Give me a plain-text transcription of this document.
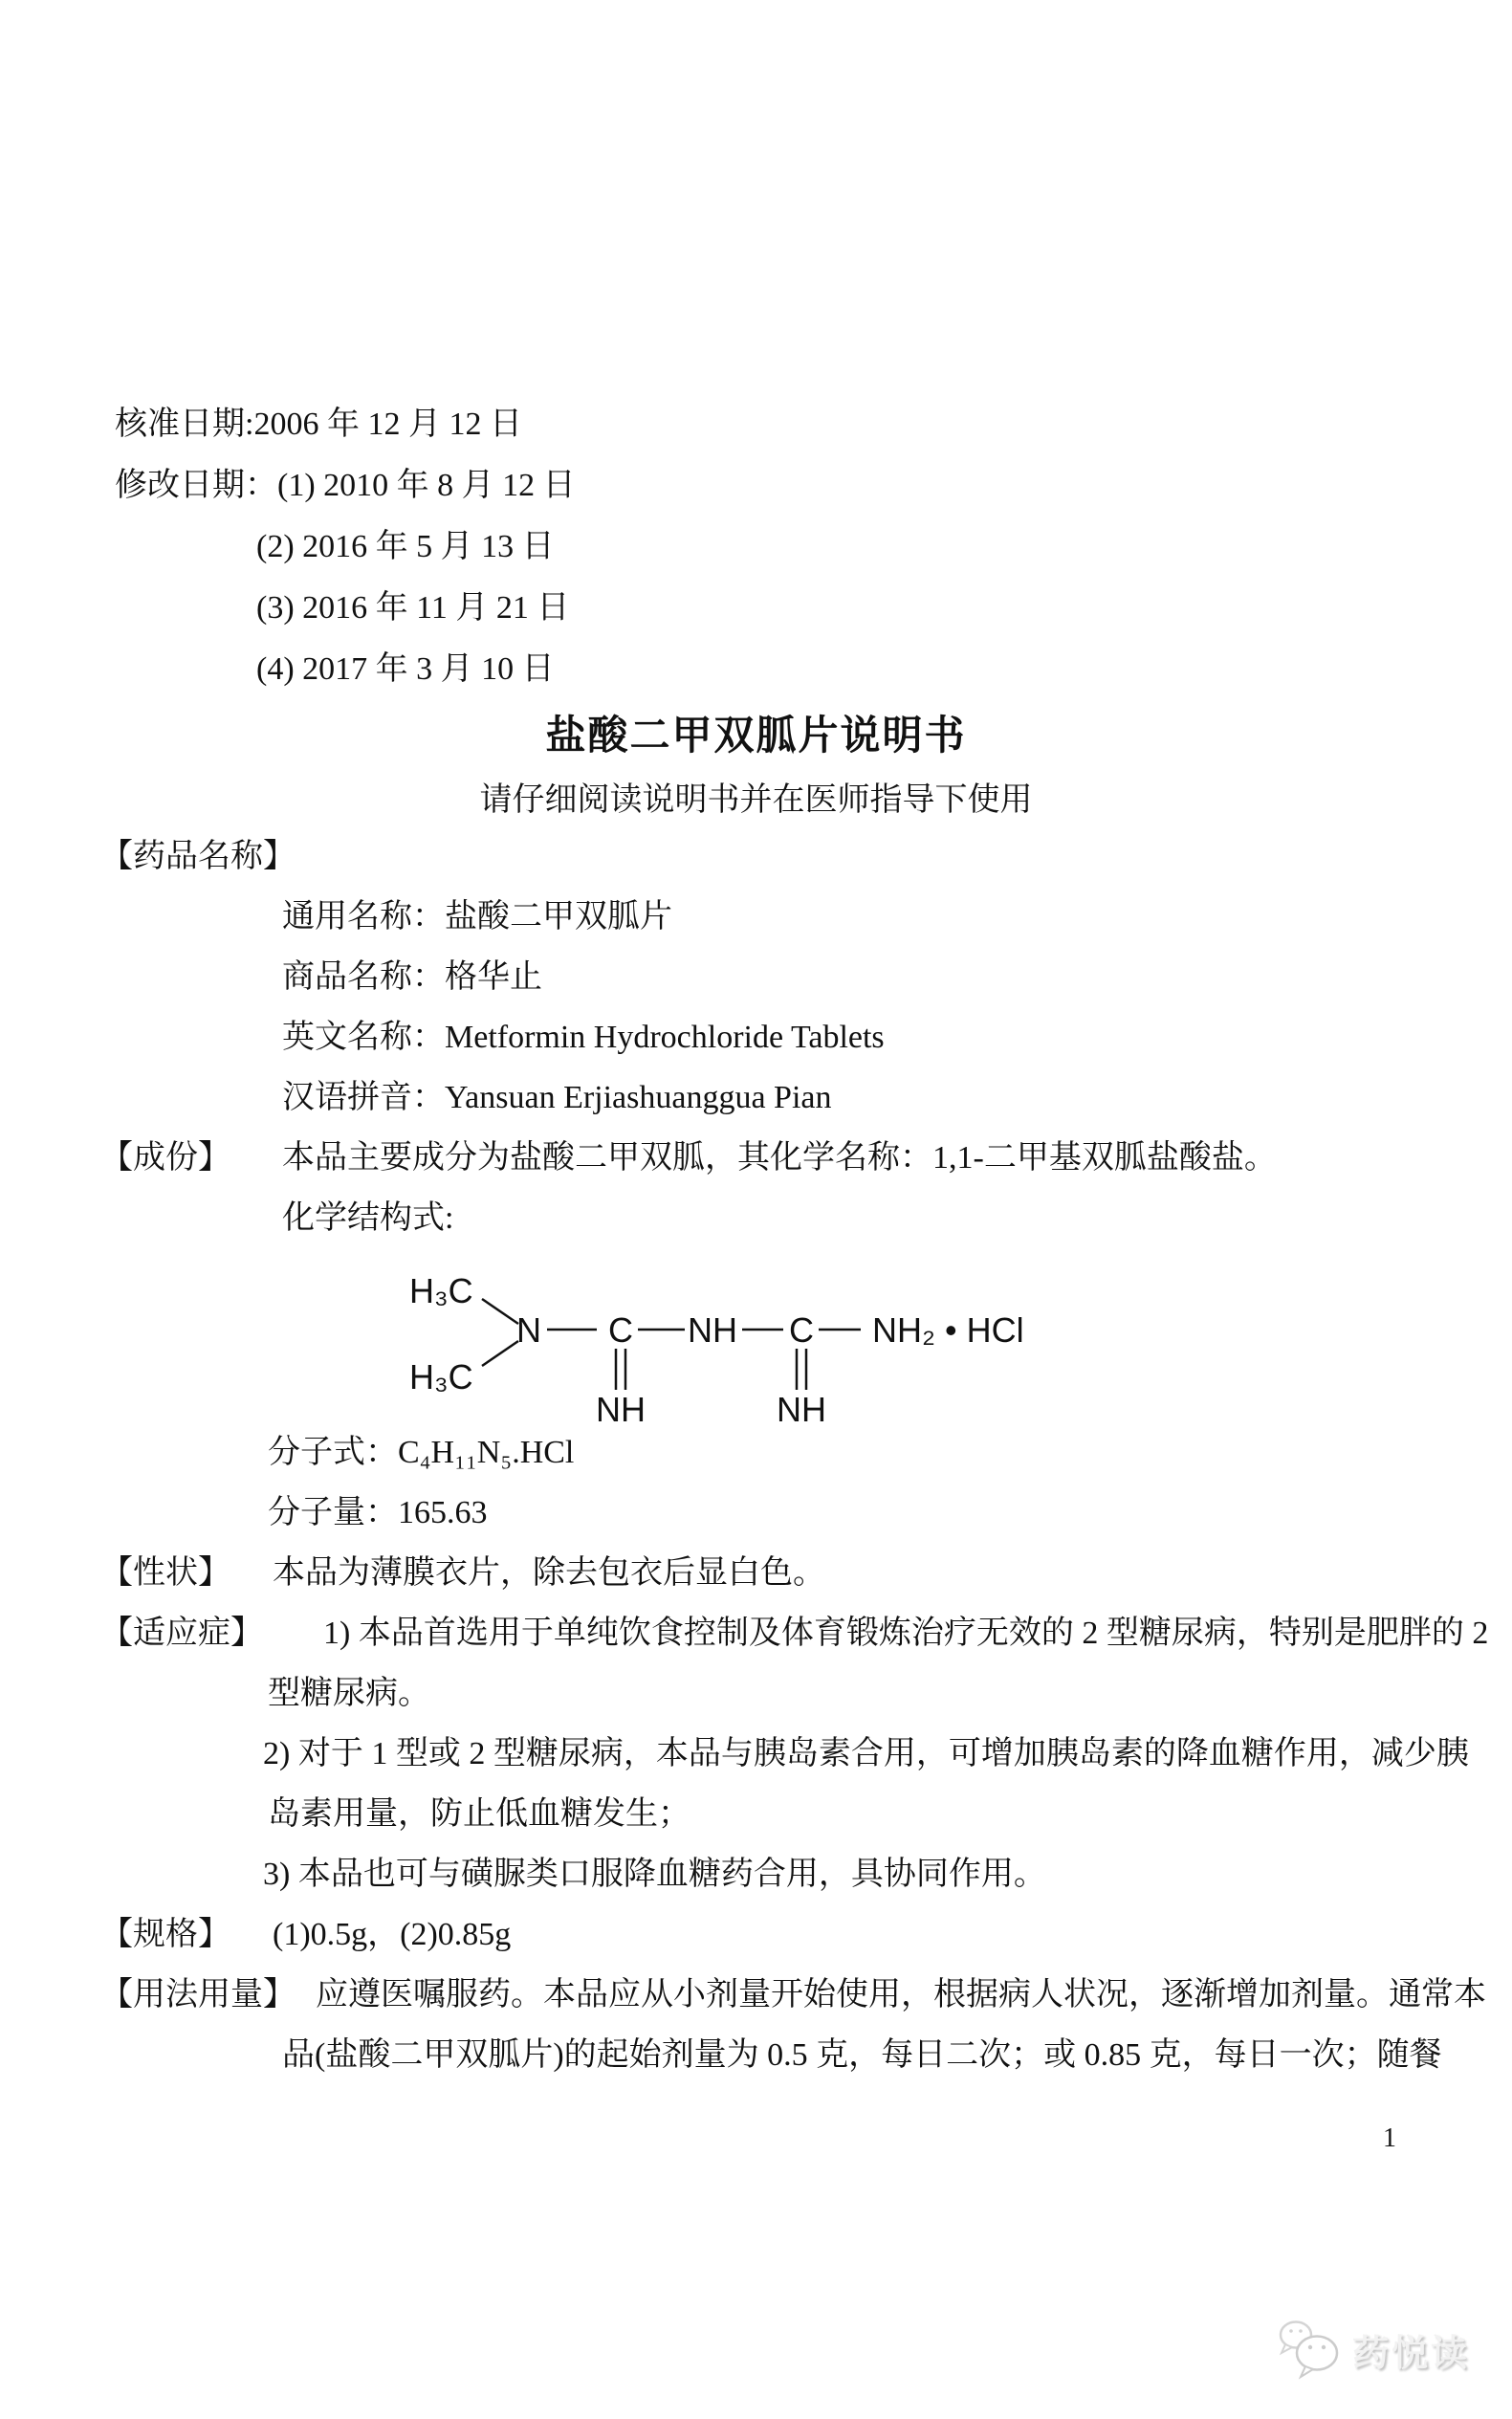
核准日期:2006 年 12 月 12 日
修改日期：(1) 2010 年 8 月 12 日
(2) 2016 年 5 月 13 日
(3) 2016 年 11 月 21 日
(4) 2017 年 3 月 10 日
盐酸二甲双胍片说明书
请仔细阅读说明书并在医师指导下使用
【药品名称】
通用名称：盐酸二甲双胍片
商品名称：格华止
英文名称：Metformin Hydrochloride Tablets
汉语拼音：Yansuan Erjiashuanggua Pian
【成份】 本品主要成分为盐酸二甲双胍，其化学名称：1,1-二甲基双胍盐酸盐。
化学结构式:
H₃C
H₃C
N C NH C NH₂ • HCl
NH	NH
分子式：C₄H₁₁N₅.HCl
分子量：165.63
【性状】 本品为薄膜衣片，除去包衣后显白色。
【适应症】 1) 本品首选用于单纯饮食控制及体育锻炼治疗无效的 2 型糖尿病，特别是肥胖的 2
型糖尿病。
2) 对于 1 型或 2 型糖尿病，本品与胰岛素合用，可增加胰岛素的降血糖作用，减少胰
岛素用量，防止低血糖发生；
3) 本品也可与磺脲类口服降血糖药合用，具协同作用。
【规格】 (1)0.5g，(2)0.85g
【用法用量】 应遵医嘱服药。本品应从小剂量开始使用，根据病人状况，逐渐增加剂量。通常本
品(盐酸二甲双胍片)的起始剂量为 0.5 克，每日二次；或 0.85 克，每日一次；随餐
1
药悦读
